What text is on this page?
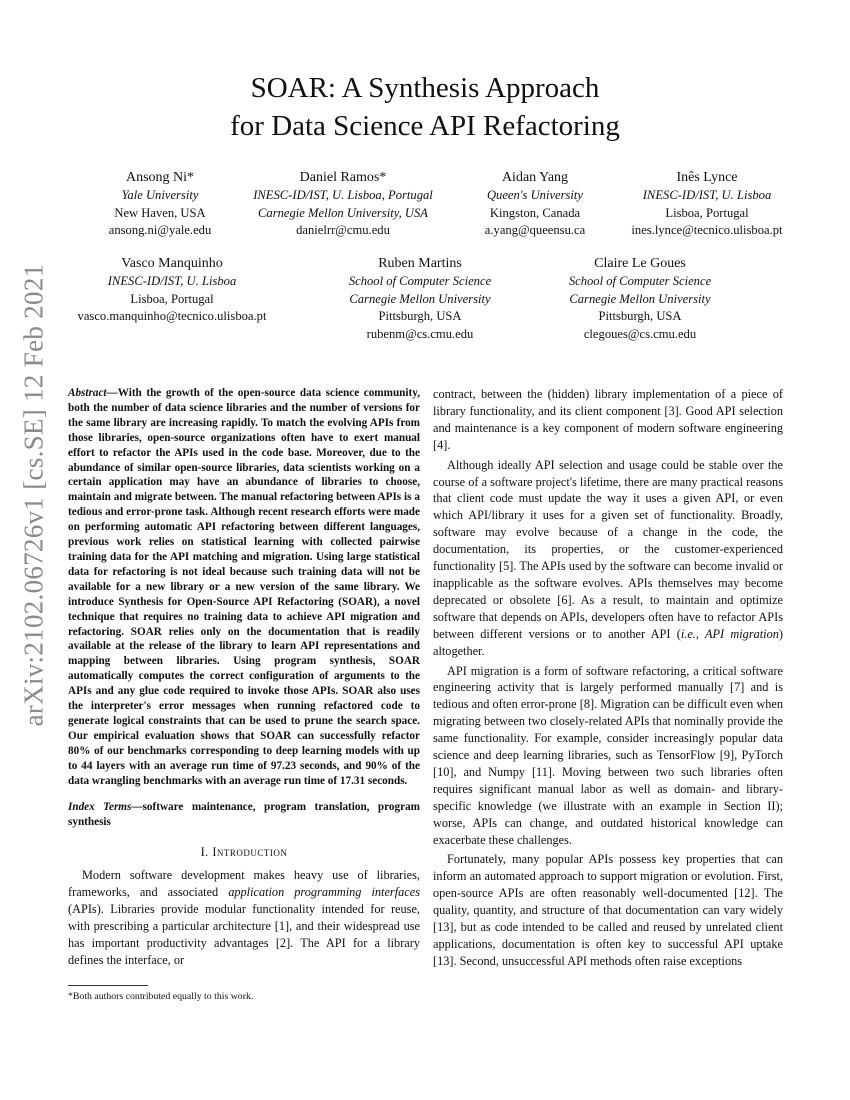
SOAR: A Synthesis Approach
for Data Science API Refactoring
arXiv:2102.06726v1 [cs.SE] 12 Feb 2021
Ansong Ni*
Yale University
New Haven, USA
ansong.ni@yale.edu
Daniel Ramos*
INESC-ID/IST, U. Lisboa, Portugal
Carnegie Mellon University, USA
danielrr@cmu.edu
Aidan Yang
Queen's University
Kingston, Canada
a.yang@queensu.ca
Inês Lynce
INESC-ID/IST, U. Lisboa
Lisboa, Portugal
ines.lynce@tecnico.ulisboa.pt
Vasco Manquinho
INESC-ID/IST, U. Lisboa
Lisboa, Portugal
vasco.manquinho@tecnico.ulisboa.pt
Ruben Martins
School of Computer Science
Carnegie Mellon University
Pittsburgh, USA
rubenm@cs.cmu.edu
Claire Le Goues
School of Computer Science
Carnegie Mellon University
Pittsburgh, USA
clegoues@cs.cmu.edu
Abstract—With the growth of the open-source data science community, both the number of data science libraries and the number of versions for the same library are increasing rapidly. To match the evolving APIs from those libraries, open-source organizations often have to exert manual effort to refactor the APIs used in the code base. Moreover, due to the abundance of similar open-source libraries, data scientists working on a certain application may have an abundance of libraries to choose, maintain and migrate between. The manual refactoring between APIs is a tedious and error-prone task. Although recent research efforts were made on performing automatic API refactoring between different languages, previous work relies on statistical learning with collected pairwise training data for the API matching and migration. Using large statistical data for refactoring is not ideal because such training data will not be available for a new library or a new version of the same library. We introduce Synthesis for Open-Source API Refactoring (SOAR), a novel technique that requires no training data to achieve API migration and refactoring. SOAR relies only on the documentation that is readily available at the release of the library to learn API representations and mapping between libraries. Using program synthesis, SOAR automatically computes the correct configuration of arguments to the APIs and any glue code required to invoke those APIs. SOAR also uses the interpreter's error messages when running refactored code to generate logical constraints that can be used to prune the search space. Our empirical evaluation shows that SOAR can successfully refactor 80% of our benchmarks corresponding to deep learning models with up to 44 layers with an average run time of 97.23 seconds, and 90% of the data wrangling benchmarks with an average run time of 17.31 seconds.
Index Terms—software maintenance, program translation, program synthesis
I. Introduction

Modern software development makes heavy use of libraries, frameworks, and associated application programming interfaces (APIs). Libraries provide modular functionality intended for reuse, with prescribing a particular architecture [1], and their widespread use has important productivity advantages [2]. The API for a library defines the interface, or

*Both authors contributed equally to this work.

contract, between the (hidden) library implementation of a piece of library functionality, and its client component [3]. Good API selection and maintenance is a key component of modern software engineering [4].

Although ideally API selection and usage could be stable over the course of a software project's lifetime, there are many practical reasons that client code must update the way it uses a given API, or even which API/library it uses for a given set of functionality. Broadly, software may evolve because of a change in the code, the documentation, its properties, or the customer-experienced functionality [5]. The APIs used by the software can become invalid or inapplicable as the software evolves. APIs themselves may become deprecated or obsolete [6]. As a result, to maintain and optimize software that depends on APIs, developers often have to refactor APIs between different versions or to another API (i.e., API migration) altogether.

API migration is a form of software refactoring, a critical software engineering activity that is largely performed manually [7] and is tedious and often error-prone [8]. Migration can be difficult even when migrating between two closely-related APIs that nominally provide the same functionality. For example, consider increasingly popular data science and deep learning libraries, such as TensorFlow [9], PyTorch [10], and Numpy [11]. Moving between two such libraries often requires significant manual labor as well as domain- and library-specific knowledge (we illustrate with an example in Section II); worse, APIs can change, and outdated historical knowledge can exacerbate these challenges.

Fortunately, many popular APIs possess key properties that can inform an automated approach to support migration or evolution. First, open-source APIs are often reasonably well-documented [12]. The quality, quantity, and structure of that documentation can vary widely [13], but as code intended to be called and reused by unrelated client applications, documentation is often key to successful API uptake [13]. Second, unsuccessful API methods often raise exceptions
